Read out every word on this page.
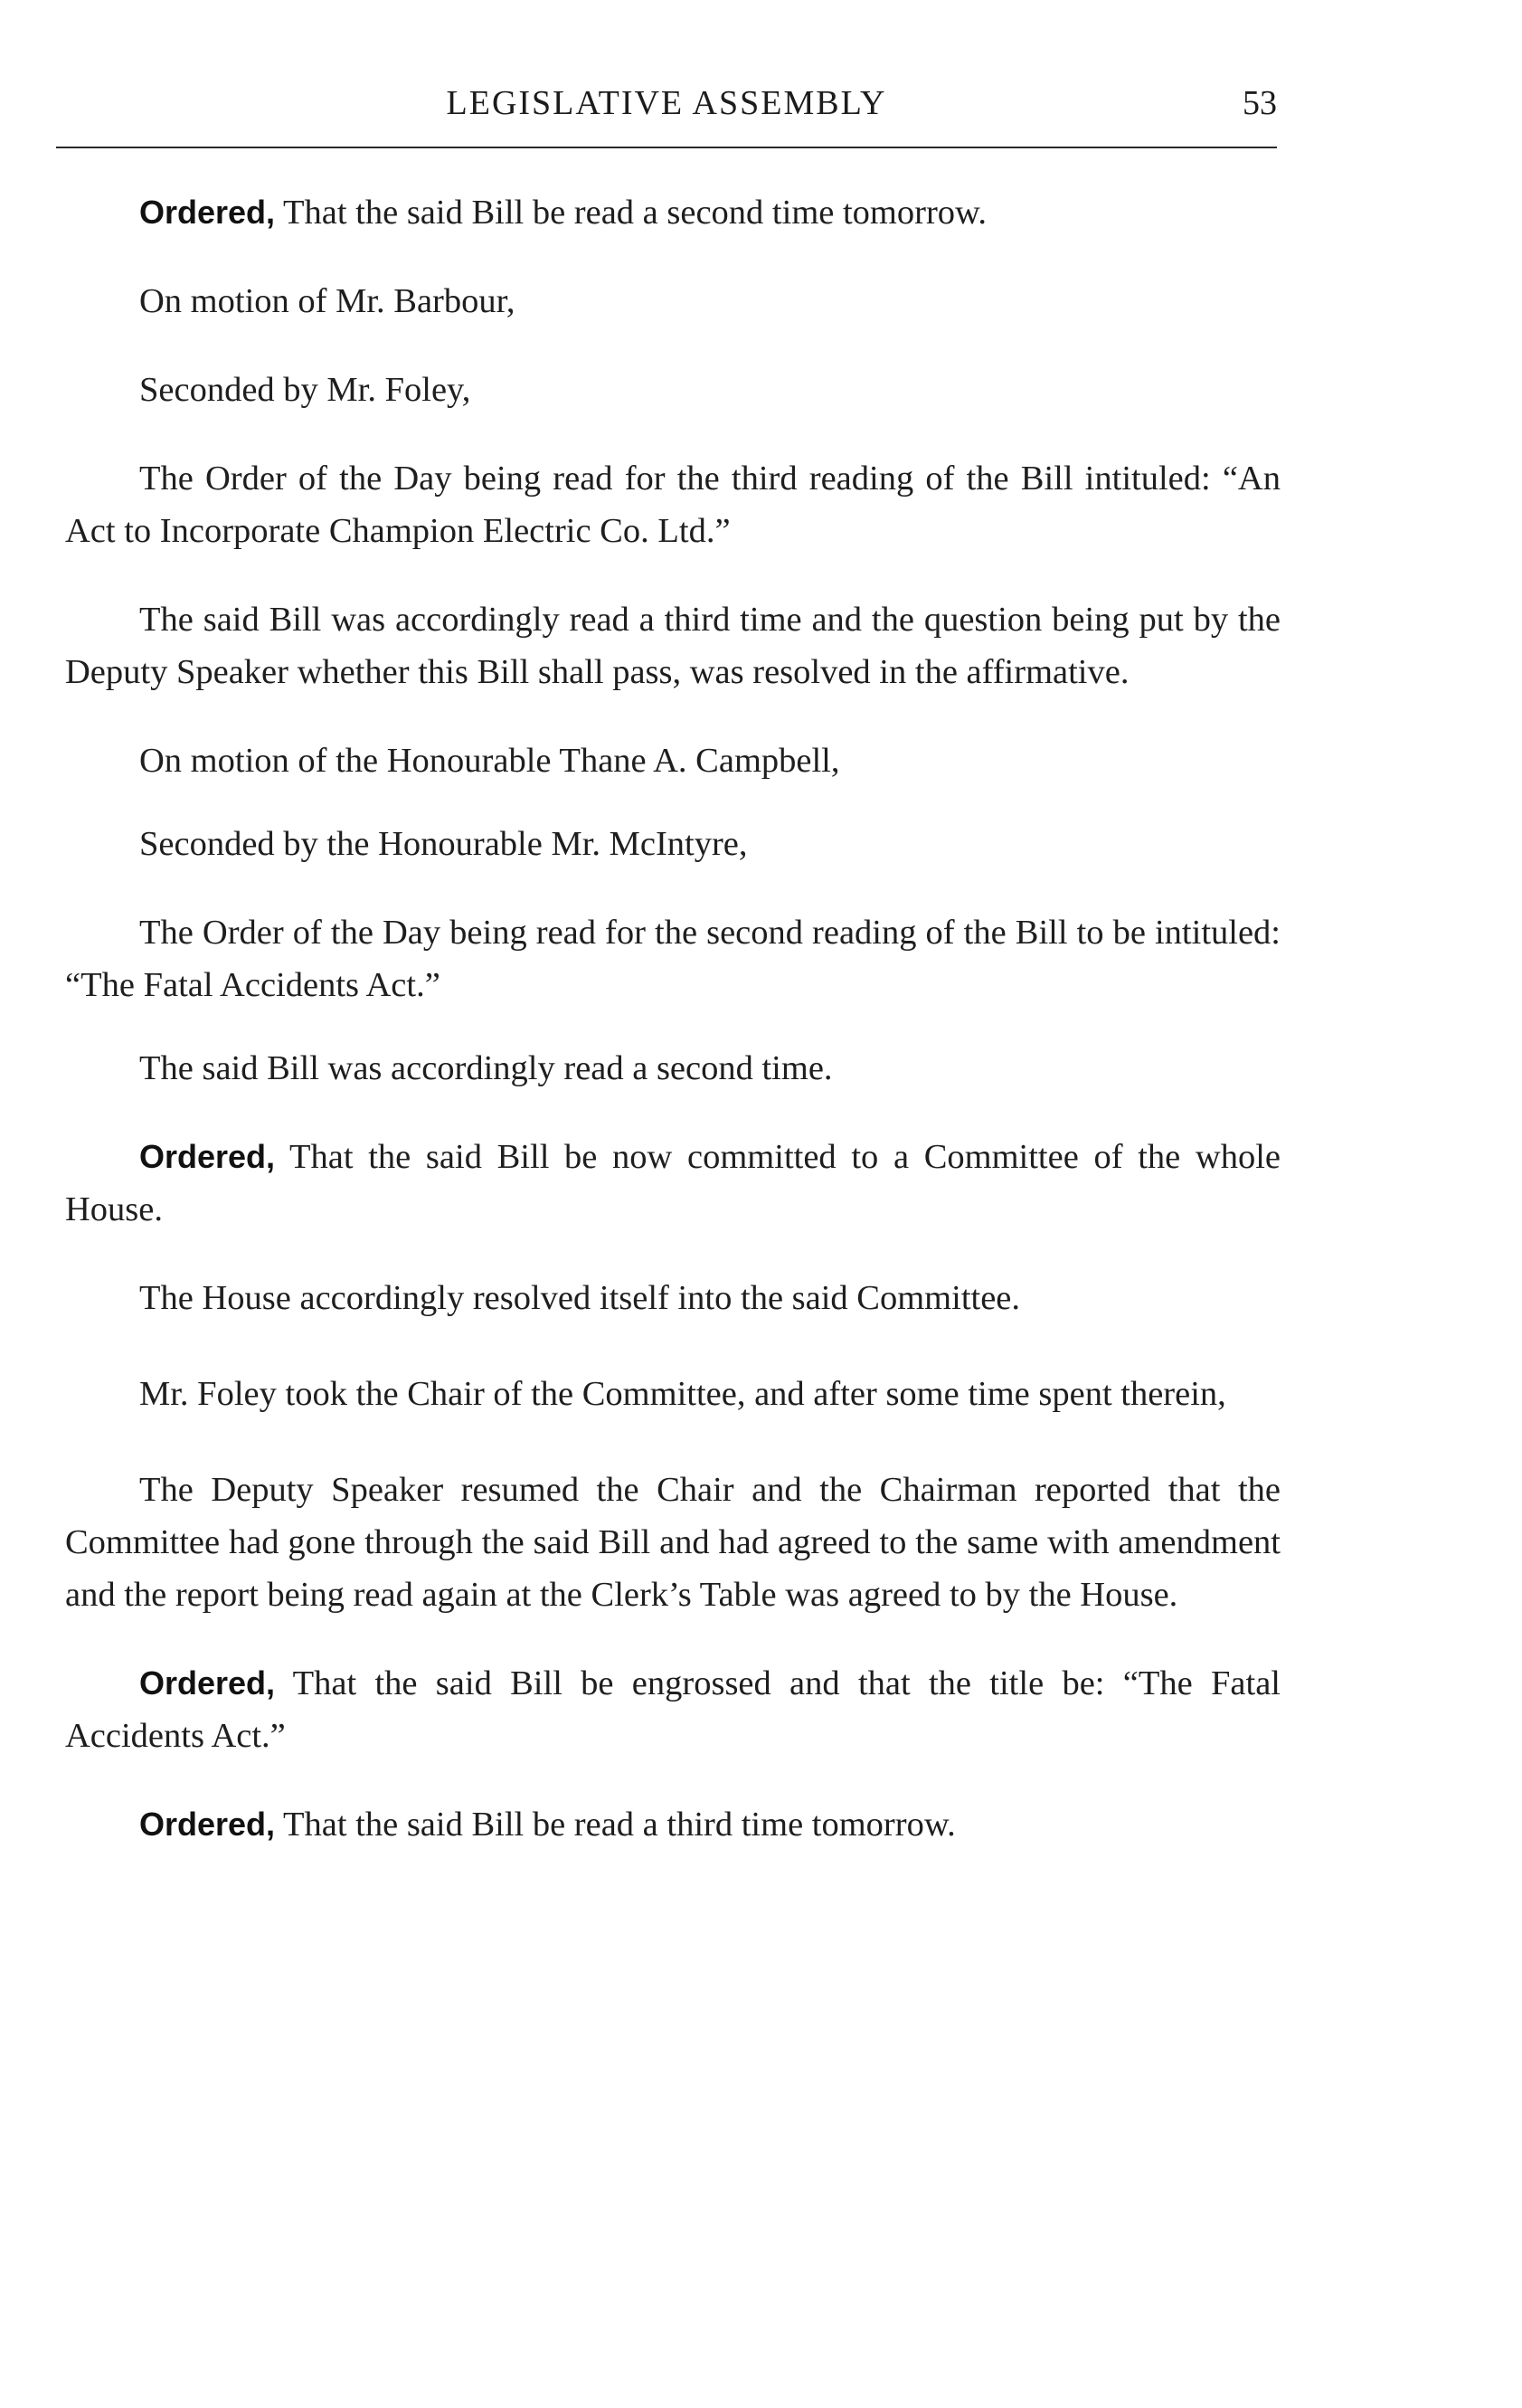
LEGISLATIVE ASSEMBLY	53

Ordered, That the said Bill be read a second time tomorrow.

On motion of Mr. Barbour,

Seconded by Mr. Foley,

The Order of the Day being read for the third reading of the Bill intituled: “An Act to Incorporate Champion Electric Co. Ltd.”

The said Bill was accordingly read a third time and the question being put by the Deputy Speaker whether this Bill shall pass, was resolved in the affirmative.

On motion of the Honourable Thane A. Campbell,

Seconded by the Honourable Mr. McIntyre,

The Order of the Day being read for the second reading of the Bill to be intituled: “The Fatal Accidents Act.”

The said Bill was accordingly read a second time.

Ordered, That the said Bill be now committed to a Committee of the whole House.

The House accordingly resolved itself into the said Committee.

Mr. Foley took the Chair of the Committee, and after some time spent therein,

The Deputy Speaker resumed the Chair and the Chairman reported that the Committee had gone through the said Bill and had agreed to the same with amendment and the report being read again at the Clerk’s Table was agreed to by the House.

Ordered, That the said Bill be engrossed and that the title be: “The Fatal Accidents Act.”

Ordered, That the said Bill be read a third time tomorrow.
